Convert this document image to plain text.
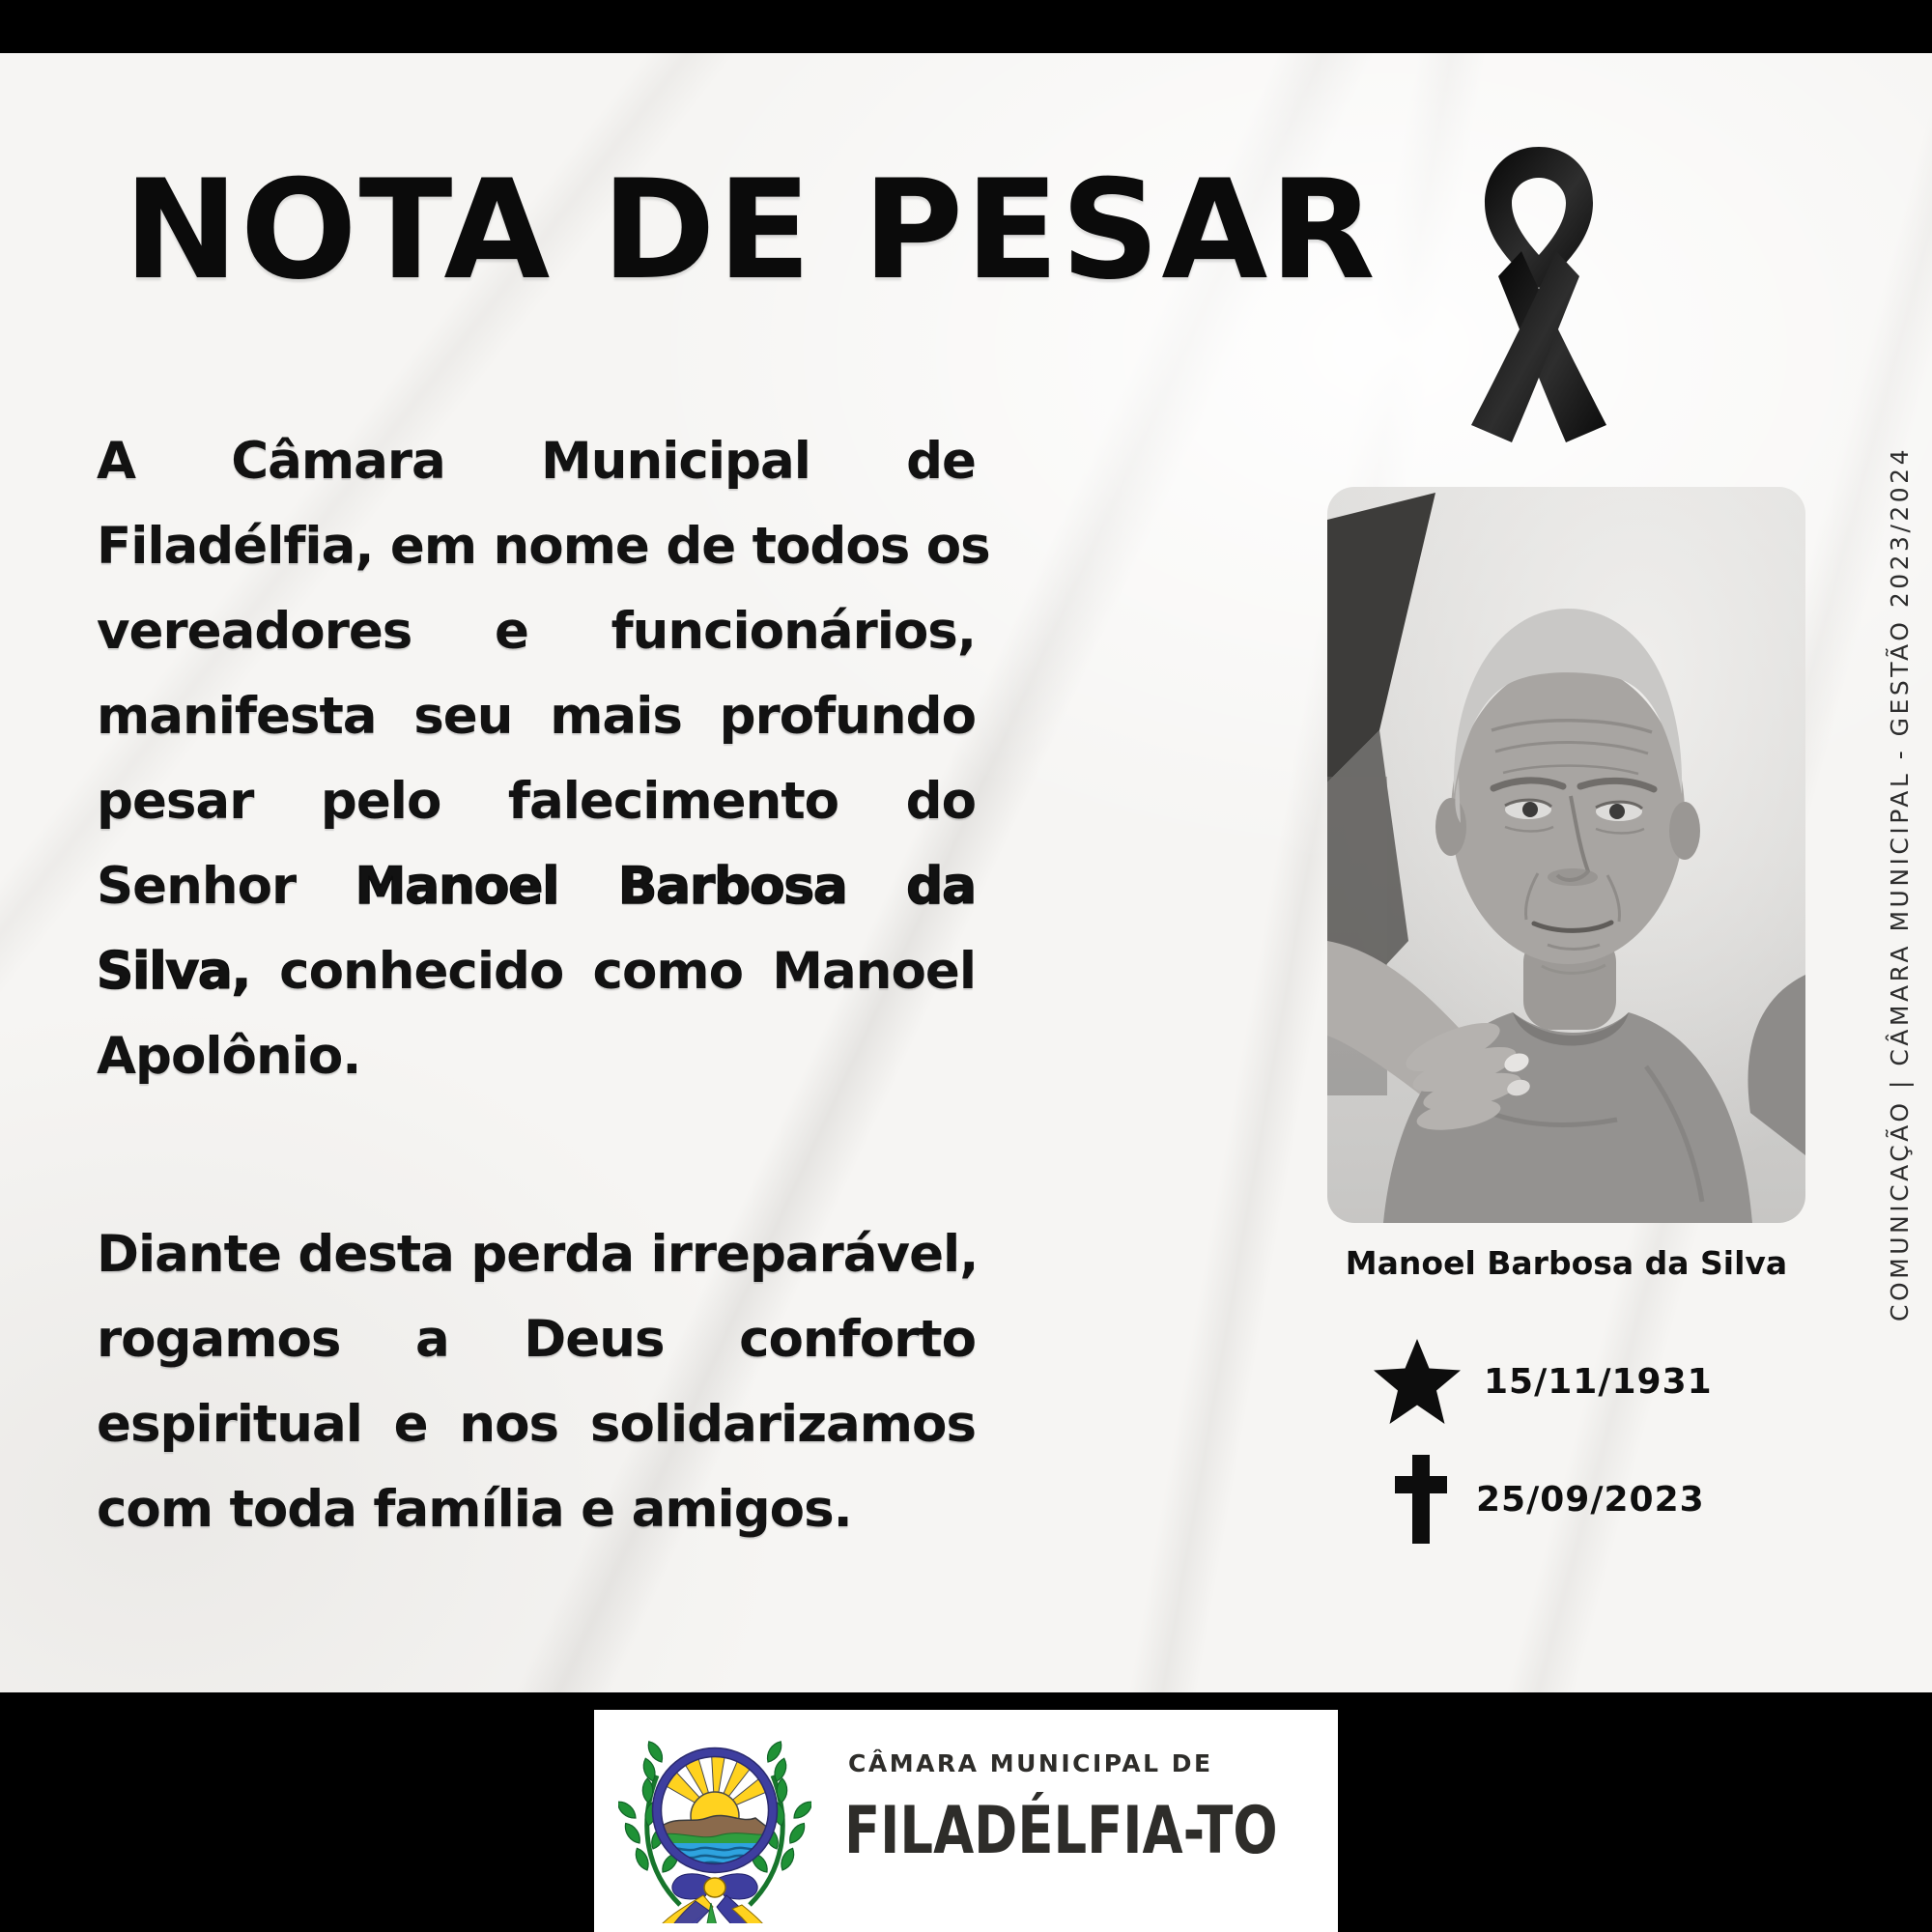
NOTA DE PESAR
A Câmara Municipal de
Filadélfia, em nome de todos os
vereadores e funcionários,
manifesta seu mais profundo
pesar pelo falecimento do
Senhor Manoel Barbosa da
Silva, conhecido como Manoel
Apolônio.
Diante desta perda irreparável,
rogamos a Deus conforto
espiritual e nos solidarizamos
com toda família e amigos.
Manoel Barbosa da Silva
15/11/1931
25/09/2023
COMUNICAÇÃO | CÂMARA MUNICIPAL - GESTÃO 2023/2024
CÂMARA MUNICIPAL DE
FILADÉLFIA-TO
